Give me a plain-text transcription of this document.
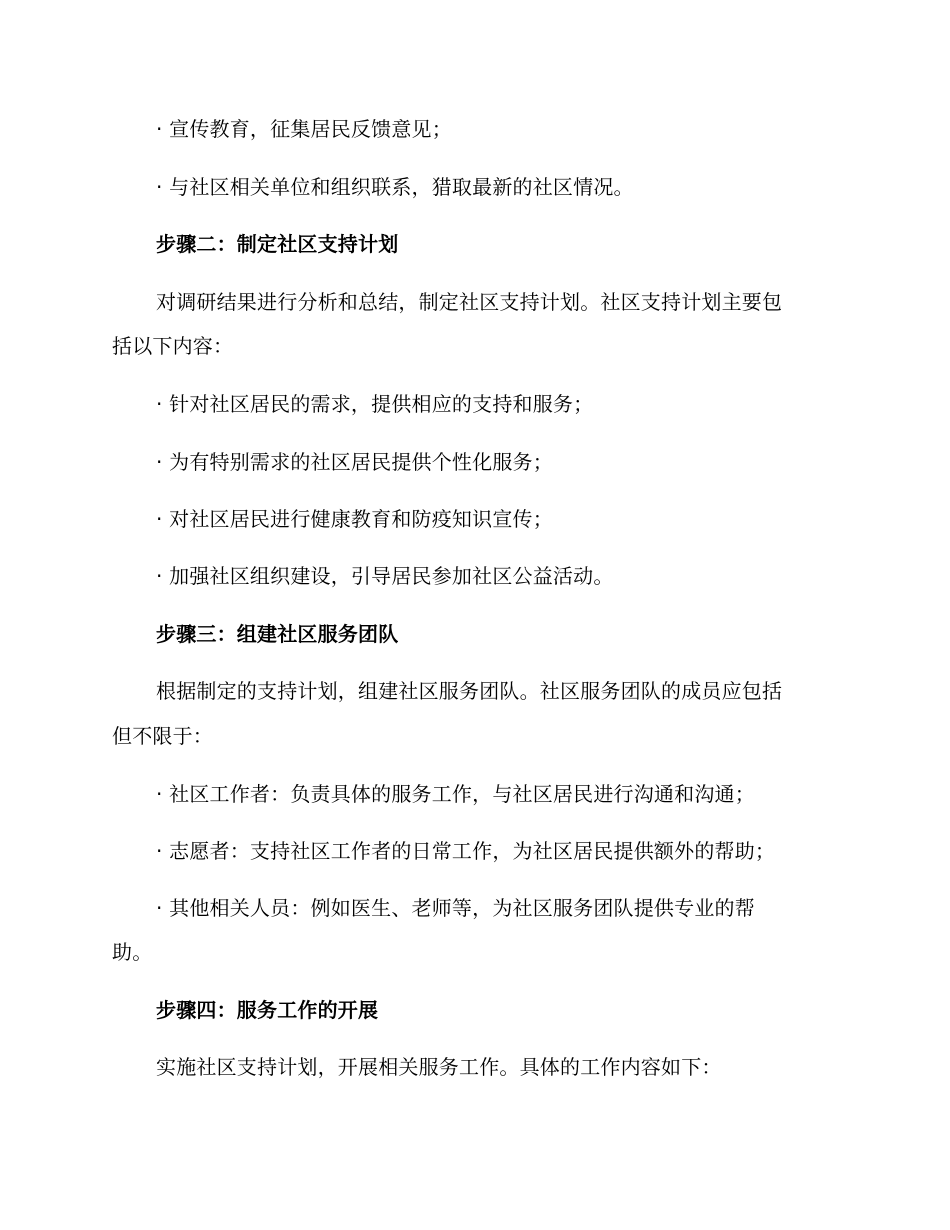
· 宣传教育，征集居民反馈意见；
· 与社区相关单位和组织联系，猎取最新的社区情况。
步骤二：制定社区支持计划
对调研结果进行分析和总结，制定社区支持计划。社区支持计划主要包
括以下内容：
· 针对社区居民的需求，提供相应的支持和服务；
· 为有特别需求的社区居民提供个性化服务；
· 对社区居民进行健康教育和防疫知识宣传；
· 加强社区组织建设，引导居民参加社区公益活动。
步骤三：组建社区服务团队
根据制定的支持计划，组建社区服务团队。社区服务团队的成员应包括
但不限于：
· 社区工作者：负责具体的服务工作，与社区居民进行沟通和沟通；
· 志愿者：支持社区工作者的日常工作，为社区居民提供额外的帮助；
· 其他相关人员：例如医生、老师等，为社区服务团队提供专业的帮
助。
步骤四：服务工作的开展
实施社区支持计划，开展相关服务工作。具体的工作内容如下：
